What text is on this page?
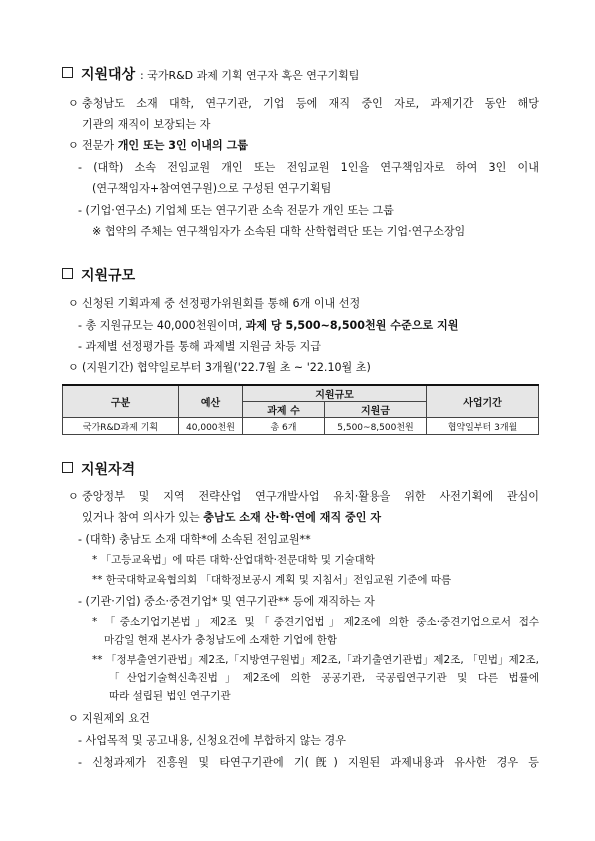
지원대상 : 국가R&D 과제 기획 연구자 혹은 연구기획팀
ㅇ 충청남도 소재 대학, 연구기관, 기업 등에 재직 중인 자로, 과제기간 동안 해당
기관의 재직이 보장되는 자
ㅇ 전문가 개인 또는 3인 이내의 그룹
- (대학) 소속 전임교원 개인 또는 전임교원 1인을 연구책임자로 하여 3인 이내
(연구책임자+참여연구원)으로 구성된 연구기획팀
- (기업·연구소) 기업체 또는 연구기관 소속 전문가 개인 또는 그룹
※ 협약의 주체는 연구책임자가 소속된 대학 산학협력단 또는 기업·연구소장임
지원규모
ㅇ 신청된 기획과제 중 선정평가위원회를 통해 6개 이내 선정
- 총 지원규모는 40,000천원이며, 과제 당 5,500~8,500천원 수준으로 지원
- 과제별 선정평가를 통해 과제별 지원금 차등 지급
ㅇ (지원기간) 협약일로부터 3개월('22.7월 초 ~ '22.10월 초)
구분	예산	지원규모		사업기간
		과제 수	지원금	
국가R&D과제 기획	40,000천원	총 6개	5,500~8,500천원	협약일부터 3개월
지원자격
ㅇ 중앙정부 및 지역 전략산업 연구개발사업 유치·활용을 위한 사전기획에 관심이
있거나 참여 의사가 있는 충남도 소재 산·학·연에 재직 중인 자
- (대학) 충남도 소재 대학*에 소속된 전임교원**
* 「고등교육법」에 따른 대학·산업대학·전문대학 및 기술대학
** 한국대학교육협의회 「대학정보공시 계획 및 지침서」전임교원 기준에 따름
- (기관·기업) 중소·중견기업* 및 연구기관** 등에 재직하는 자
* 「중소기업기본법」제2조 및「중견기업법」제2조에 의한 중소·중견기업으로서 접수
마감일 현재 본사가 충청남도에 소재한 기업에 한함
** 「정부출연기관법」제2조,「지방연구원법」제2조,「과기출연기관법」제2조, 「민법」제2조,
「산업기술혁신촉진법」제2조에 의한 공공기관, 국공립연구기관 및 다른 법률에
따라 설립된 법인 연구기관
ㅇ 지원제외 요건
- 사업목적 및 공고내용, 신청요건에 부합하지 않는 경우
- 신청과제가 진흥원 및 타연구기관에 기(旣) 지원된 과제내용과 유사한 경우 등
